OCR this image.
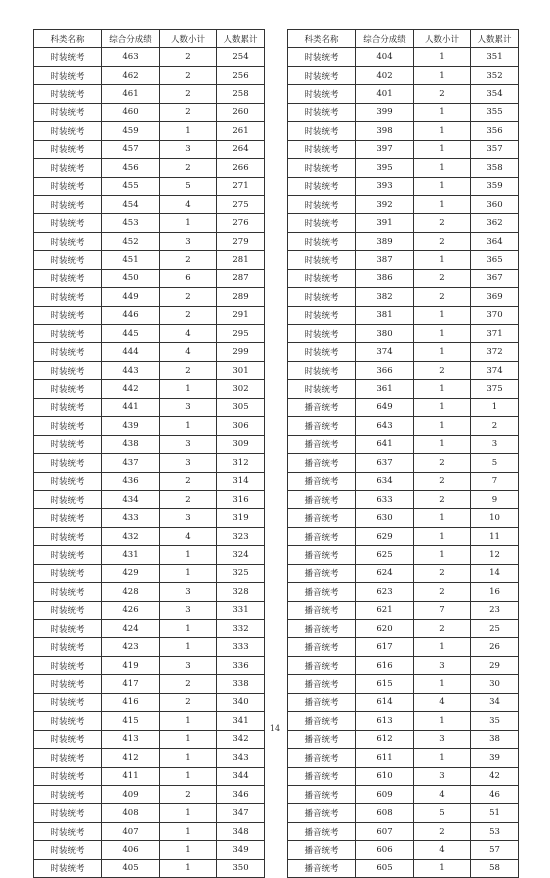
科类名称	综合分成绩	人数小计	人数累计
时装统考	463	2	254
时装统考	462	2	256
时装统考	461	2	258
时装统考	460	2	260
时装统考	459	1	261
时装统考	457	3	264
时装统考	456	2	266
时装统考	455	5	271
时装统考	454	4	275
时装统考	453	1	276
时装统考	452	3	279
时装统考	451	2	281
时装统考	450	6	287
时装统考	449	2	289
时装统考	446	2	291
时装统考	445	4	295
时装统考	444	4	299
时装统考	443	2	301
时装统考	442	1	302
时装统考	441	3	305
时装统考	439	1	306
时装统考	438	3	309
时装统考	437	3	312
时装统考	436	2	314
时装统考	434	2	316
时装统考	433	3	319
时装统考	432	4	323
时装统考	431	1	324
时装统考	429	1	325
时装统考	428	3	328
时装统考	426	3	331
时装统考	424	1	332
时装统考	423	1	333
时装统考	419	3	336
时装统考	417	2	338
时装统考	416	2	340
时装统考	415	1	341
时装统考	413	1	342
时装统考	412	1	343
时装统考	411	1	344
时装统考	409	2	346
时装统考	408	1	347
时装统考	407	1	348
时装统考	406	1	349
时装统考	405	1	350
科类名称	综合分成绩	人数小计	人数累计
时装统考	404	1	351
时装统考	402	1	352
时装统考	401	2	354
时装统考	399	1	355
时装统考	398	1	356
时装统考	397	1	357
时装统考	395	1	358
时装统考	393	1	359
时装统考	392	1	360
时装统考	391	2	362
时装统考	389	2	364
时装统考	387	1	365
时装统考	386	2	367
时装统考	382	2	369
时装统考	381	1	370
时装统考	380	1	371
时装统考	374	1	372
时装统考	366	2	374
时装统考	361	1	375
播音统考	649	1	1
播音统考	643	1	2
播音统考	641	1	3
播音统考	637	2	5
播音统考	634	2	7
播音统考	633	2	9
播音统考	630	1	10
播音统考	629	1	11
播音统考	625	1	12
播音统考	624	2	14
播音统考	623	2	16
播音统考	621	7	23
播音统考	620	2	25
播音统考	617	1	26
播音统考	616	3	29
播音统考	615	1	30
播音统考	614	4	34
播音统考	613	1	35
播音统考	612	3	38
播音统考	611	1	39
播音统考	610	3	42
播音统考	609	4	46
播音统考	608	5	51
播音统考	607	2	53
播音统考	606	4	57
播音统考	605	1	58
14
